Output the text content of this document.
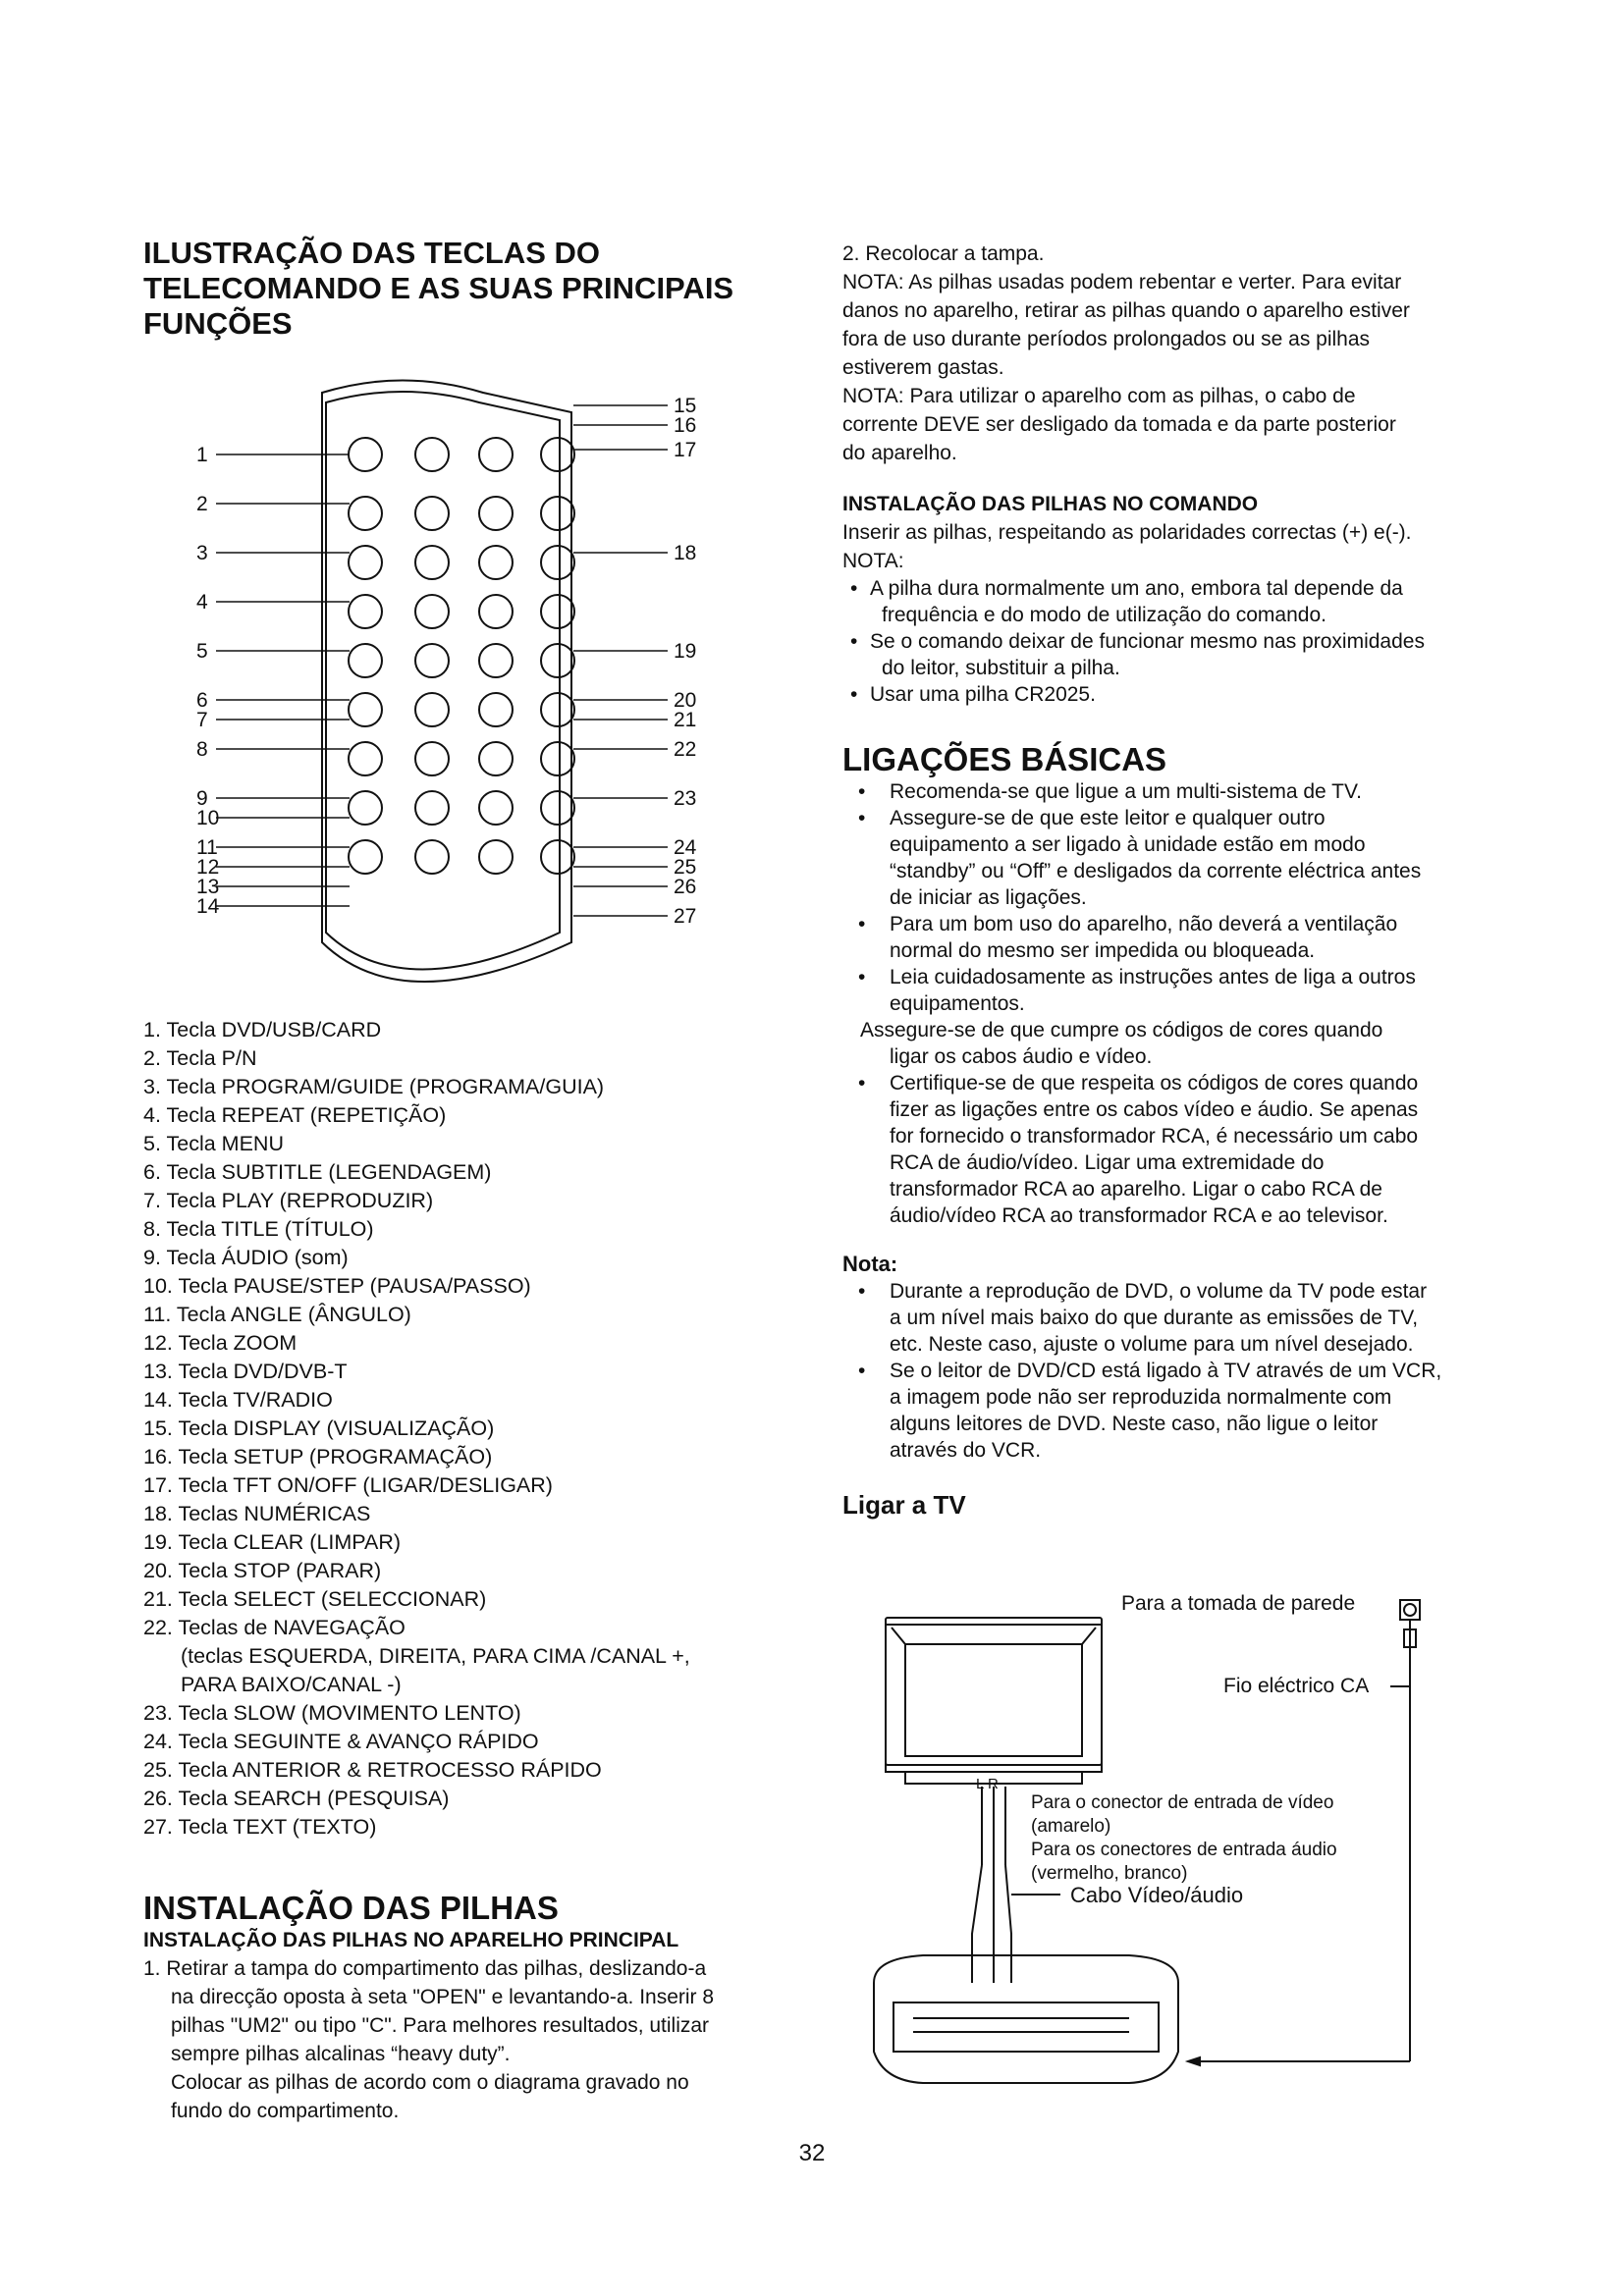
ILUSTRAÇÃO DAS TECLAS DO

TELECOMANDO E AS SUAS PRINCIPAIS

FUNÇÕES

1
2
3
4
5
6
7
8
9
10
11
12
13
14
15
16
17
18
19
20
21
22
23
24
25
26
27
1. Tecla DVD/USB/CARD
2. Tecla P/N
3. Tecla PROGRAM/GUIDE (PROGRAMA/GUIA)
4. Tecla REPEAT (REPETIÇÃO)
5. Tecla MENU
6. Tecla SUBTITLE (LEGENDAGEM)
7. Tecla PLAY (REPRODUZIR)
8. Tecla TITLE (TÍTULO)
9. Tecla ÁUDIO (som)
10. Tecla PAUSE/STEP (PAUSA/PASSO)
11. Tecla ANGLE (ÂNGULO)
12. Tecla ZOOM
13. Tecla DVD/DVB-T
14. Tecla TV/RADIO
15. Tecla DISPLAY (VISUALIZAÇÃO)
16. Tecla SETUP (PROGRAMAÇÃO)
17. Tecla TFT ON/OFF (LIGAR/DESLIGAR)
18. Teclas NUMÉRICAS
19. Tecla CLEAR (LIMPAR)
20. Tecla STOP (PARAR)
21. Tecla SELECT (SELECCIONAR)
22. Teclas de NAVEGAÇÃO
(teclas ESQUERDA, DIREITA, PARA CIMA /CANAL +,
PARA BAIXO/CANAL -)
23. Tecla SLOW (MOVIMENTO LENTO)
24. Tecla SEGUINTE & AVANÇO RÁPIDO
25. Tecla ANTERIOR & RETROCESSO RÁPIDO
26. Tecla SEARCH (PESQUISA)
27. Tecla TEXT (TEXTO)

INSTALAÇÃO DAS PILHAS

INSTALAÇÃO DAS PILHAS NO APARELHO PRINCIPAL

1. Retirar a tampa do compartimento das pilhas, deslizando-a
na direcção oposta à seta "OPEN" e levantando-a. Inserir 8
pilhas "UM2" ou tipo "C". Para melhores resultados, utilizar
sempre pilhas alcalinas “heavy duty”.
Colocar as pilhas de acordo com o diagrama gravado no
fundo do compartimento.
2. Recolocar a tampa.
NOTA: As pilhas usadas podem rebentar e verter. Para evitar
danos no aparelho, retirar as pilhas quando o aparelho estiver
fora de uso durante períodos prolongados ou se as pilhas
estiverem gastas.
NOTA: Para utilizar o aparelho com as pilhas, o cabo de
corrente DEVE ser desligado da tomada e da parte posterior
do aparelho.

INSTALAÇÃO DAS PILHAS NO COMANDO

Inserir as pilhas, respeitando as polaridades correctas (+) e(-).
NOTA:
• A pilha dura normalmente um ano, embora tal depende da
frequência e do modo de utilização do comando.
• Se o comando deixar de funcionar mesmo nas proximidades
do leitor, substituir a pilha.
• Usar uma pilha CR2025.

LIGAÇÕES BÁSICAS

• Recomenda-se que ligue a um multi-sistema de TV.
• Assegure-se de que este leitor e qualquer outro
equipamento a ser ligado à unidade estão em modo
“standby” ou “Off” e desligados da corrente eléctrica antes
de iniciar as ligações.
• Para um bom uso do aparelho, não deverá a ventilação
normal do mesmo ser impedida ou bloqueada.
• Leia cuidadosamente as instruções antes de liga a outros
equipamentos.
Assegure-se de que cumpre os códigos de cores quando
ligar os cabos áudio e vídeo.
• Certifique-se de que respeita os códigos de cores quando
fizer as ligações entre os cabos vídeo e áudio. Se apenas
for fornecido o transformador RCA, é necessário um cabo
RCA de áudio/vídeo. Ligar uma extremidade do
transformador RCA ao aparelho. Ligar o cabo RCA de
áudio/vídeo RCA ao transformador RCA e ao televisor.

Nota:

• Durante a reprodução de DVD, o volume da TV pode estar
a um nível mais baixo do que durante as emissões de TV,
etc. Neste caso, ajuste o volume para um nível desejado.
• Se o leitor de DVD/CD está ligado à TV através de um VCR,
a imagem pode não ser reproduzida normalmente com
alguns leitores de DVD. Neste caso, não ligue o leitor
através do VCR.

Ligar a TV

Para a tomada de parede
Fio eléctrico CA
L R
Para o conector de entrada de vídeo
(amarelo)
Para os conectores de entrada áudio
(vermelho, branco)
Cabo Vídeo/áudio
32
